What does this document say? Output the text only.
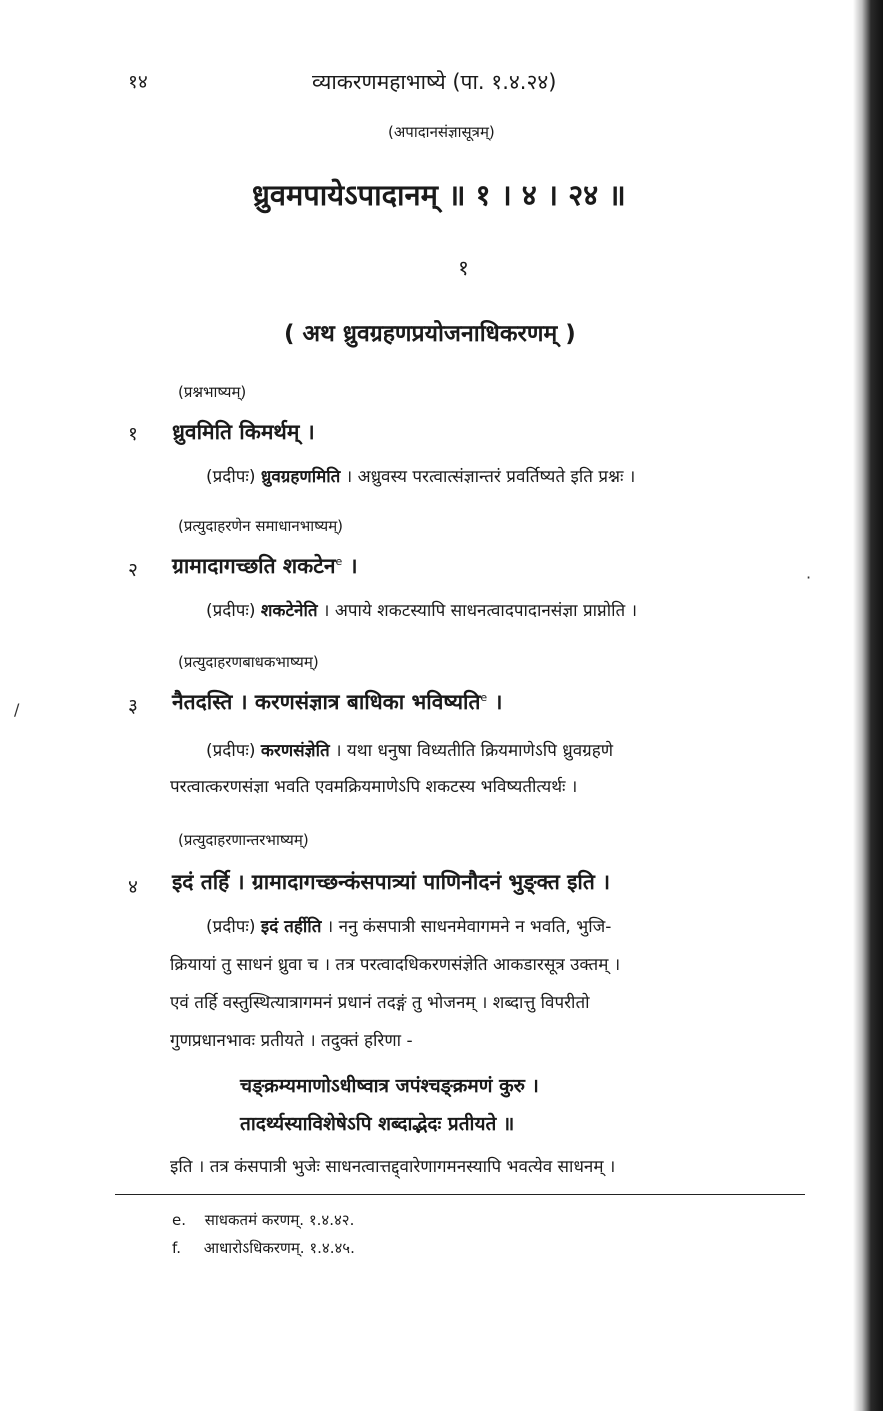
१४	व्याकरणमहाभाष्ये (पा. १.४.२४)
(अपादानसंज्ञासूत्रम्)
ध्रुवमपायेऽपादानम् ॥ १ । ४ । २४ ॥
१
( अथ ध्रुवग्रहणप्रयोजनाधिकरणम् )
(प्रश्नभाष्यम्)
१ ध्रुवमिति किमर्थम् ।
(प्रदीपः) ध्रुवग्रहणमिति । अध्रुवस्य परत्वात्संज्ञान्तरं प्रवर्तिष्यते इति प्रश्नः ।
(प्रत्युदाहरणेन समाधानभाष्यम्)
२ ग्रामादागच्छति शकटेन$^e$ ।	·
(प्रदीपः) शकटेनेति । अपाये शकटस्यापि साधनत्वादपादानसंज्ञा प्राप्नोति ।
(प्रत्युदाहरणबाधकभाष्यम्)
३ नैतदस्ति । करणसंज्ञात्र बाधिका भविष्यति$^e$ ।
/
(प्रदीपः) करणसंज्ञेति । यथा धनुषा विध्यतीति क्रियमाणेऽपि ध्रुवग्रहणे
परत्वात्करणसंज्ञा भवति एवमक्रियमाणेऽपि शकटस्य भविष्यतीत्यर्थः ।
(प्रत्युदाहरणान्तरभाष्यम्)
४ इदं तर्हि । ग्रामादागच्छन्कंसपात्र्यां पाणिनौदनं भुङ्क्त इति ।
(प्रदीपः) इदं तर्हीति । ननु कंसपात्री साधनमेवागमने न भवति, भुजि-
क्रियायां तु साधनं ध्रुवा च । तत्र परत्वादधिकरणसंज्ञेति आकडारसूत्र उक्तम् ।
एवं तर्हि वस्तुस्थित्यात्रागमनं प्रधानं तदङ्गं तु भोजनम् । शब्दात्तु विपरीतो
गुणप्रधानभावः प्रतीयते । तदुक्तं हरिणा -
चङ्क्रम्यमाणोऽधीष्वात्र जपंश्चङ्क्रमणं कुरु ।
तादर्थ्यस्याविशेषेऽपि शब्दाद्भेदः प्रतीयते ॥
इति । तत्र कंसपात्री भुजेः साधनत्वात्तद्द्वारेणागमनस्यापि भवत्येव साधनम् ।
e. साधकतमं करणम्. १.४.४२.
f. आधारोऽधिकरणम्. १.४.४५.
